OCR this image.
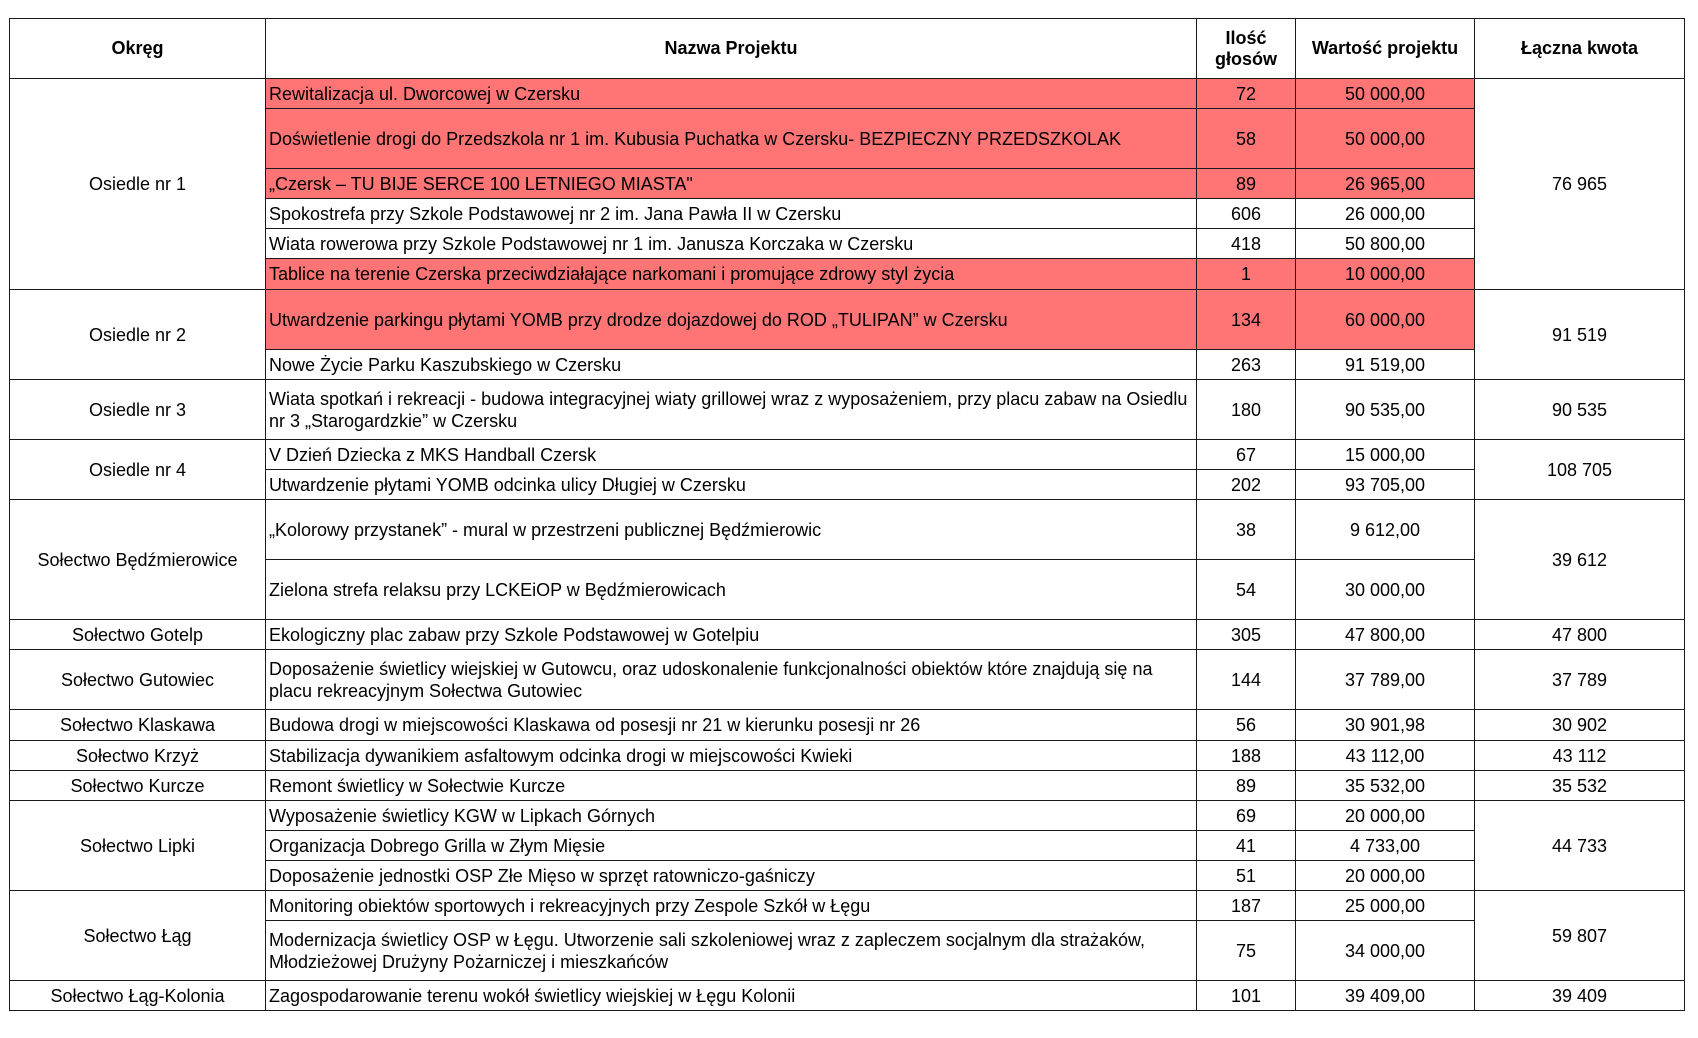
Okręg	Nazwa Projektu	Ilość głosów	Wartość projektu	Łączna kwota
Osiedle nr 1	Rewitalizacja ul. Dworcowej w Czersku	72	50 000,00	76 965
	Doświetlenie drogi do Przedszkola nr 1 im. Kubusia Puchatka w Czersku- BEZPIECZNY PRZEDSZKOLAK	58	50 000,00	
	„Czersk – TU BIJE SERCE 100 LETNIEGO MIASTA"	89	26 965,00	
	Spokostrefa przy Szkole Podstawowej nr 2 im. Jana Pawła II w Czersku	606	26 000,00	
	Wiata rowerowa przy Szkole Podstawowej nr 1 im. Janusza Korczaka w Czersku	418	50 800,00	
	Tablice na terenie Czerska przeciwdziałające narkomani i promujące zdrowy styl życia	1	10 000,00	
Osiedle nr 2	Utwardzenie parkingu płytami YOMB przy drodze dojazdowej do ROD „TULIPAN” w Czersku	134	60 000,00	91 519
	Nowe Życie Parku Kaszubskiego w Czersku	263	91 519,00	
Osiedle nr 3	Wiata spotkań i rekreacji - budowa integracyjnej wiaty grillowej wraz z wyposażeniem, przy placu zabaw na Osiedlu nr 3 „Starogardzkie” w Czersku	180	90 535,00	90 535
Osiedle nr 4	V Dzień Dziecka z MKS Handball Czersk	67	15 000,00	108 705
	Utwardzenie płytami YOMB odcinka ulicy Długiej w Czersku	202	93 705,00	
Sołectwo Będźmierowice	„Kolorowy przystanek” - mural w przestrzeni publicznej Będźmierowic	38	9 612,00	39 612
	Zielona strefa relaksu przy LCKEiOP w Będźmierowicach	54	30 000,00	
Sołectwo Gotelp	Ekologiczny plac zabaw przy Szkole Podstawowej w Gotelpiu	305	47 800,00	47 800
Sołectwo Gutowiec	Doposażenie świetlicy wiejskiej w Gutowcu, oraz udoskonalenie funkcjonalności obiektów które znajdują się na placu rekreacyjnym Sołectwa Gutowiec	144	37 789,00	37 789
Sołectwo Klaskawa	Budowa drogi w miejscowości Klaskawa od posesji nr 21 w kierunku posesji nr 26	56	30 901,98	30 902
Sołectwo Krzyż	Stabilizacja dywanikiem asfaltowym odcinka drogi w miejscowości Kwieki	188	43 112,00	43 112
Sołectwo Kurcze	Remont świetlicy w Sołectwie Kurcze	89	35 532,00	35 532
Sołectwo Lipki	Wyposażenie świetlicy KGW w Lipkach Górnych	69	20 000,00	44 733
	Organizacja Dobrego Grilla w Złym Mięsie	41	4 733,00	
	Doposażenie jednostki OSP Złe Mięso w sprzęt ratowniczo-gaśniczy	51	20 000,00	
Sołectwo Łąg	Monitoring obiektów sportowych i rekreacyjnych przy Zespole Szkół w Łęgu	187	25 000,00	59 807
	Modernizacja świetlicy OSP w Łęgu. Utworzenie sali szkoleniowej wraz z zapleczem socjalnym dla strażaków, Młodzieżowej Drużyny Pożarniczej i mieszkańców	75	34 000,00	
Sołectwo Łąg-Kolonia	Zagospodarowanie terenu wokół świetlicy wiejskiej w Łęgu Kolonii	101	39 409,00	39 409
